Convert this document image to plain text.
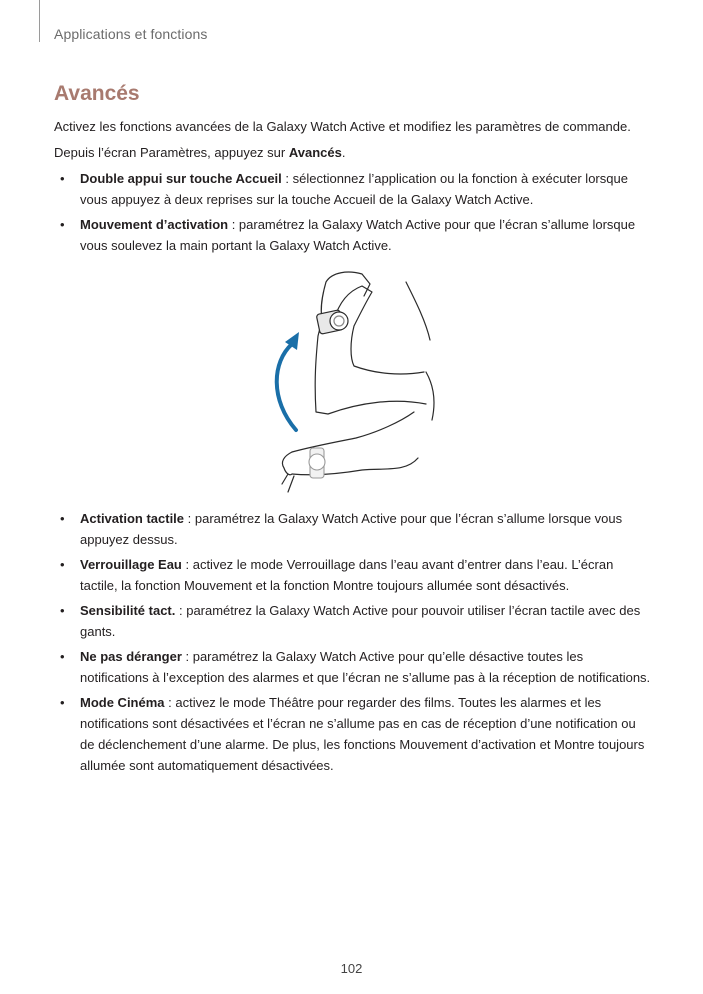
Applications et fonctions
Avancés
Activez les fonctions avancées de la Galaxy Watch Active et modifiez les paramètres de commande.
Depuis l’écran Paramètres, appuyez sur Avancés.
• Double appui sur touche Accueil : sélectionnez l’application ou la fonction à exécuter lorsque vous appuyez à deux reprises sur la touche Accueil de la Galaxy Watch Active.
• Mouvement d’activation : paramétrez la Galaxy Watch Active pour que l’écran s’allume lorsque vous soulevez la main portant la Galaxy Watch Active.
• Activation tactile : paramétrez la Galaxy Watch Active pour que l’écran s’allume lorsque vous appuyez dessus.
• Verrouillage Eau : activez le mode Verrouillage dans l’eau avant d’entrer dans l’eau. L’écran tactile, la fonction Mouvement et la fonction Montre toujours allumée sont désactivés.
• Sensibilité tact. : paramétrez la Galaxy Watch Active pour pouvoir utiliser l’écran tactile avec des gants.
• Ne pas déranger : paramétrez la Galaxy Watch Active pour qu’elle désactive toutes les notifications à l’exception des alarmes et que l’écran ne s’allume pas à la réception de notifications.
• Mode Cinéma : activez le mode Théâtre pour regarder des films. Toutes les alarmes et les notifications sont désactivées et l’écran ne s’allume pas en cas de réception d’une notification ou de déclenchement d’une alarme. De plus, les fonctions Mouvement d’activation et Montre toujours allumée sont automatiquement désactivées.
102
